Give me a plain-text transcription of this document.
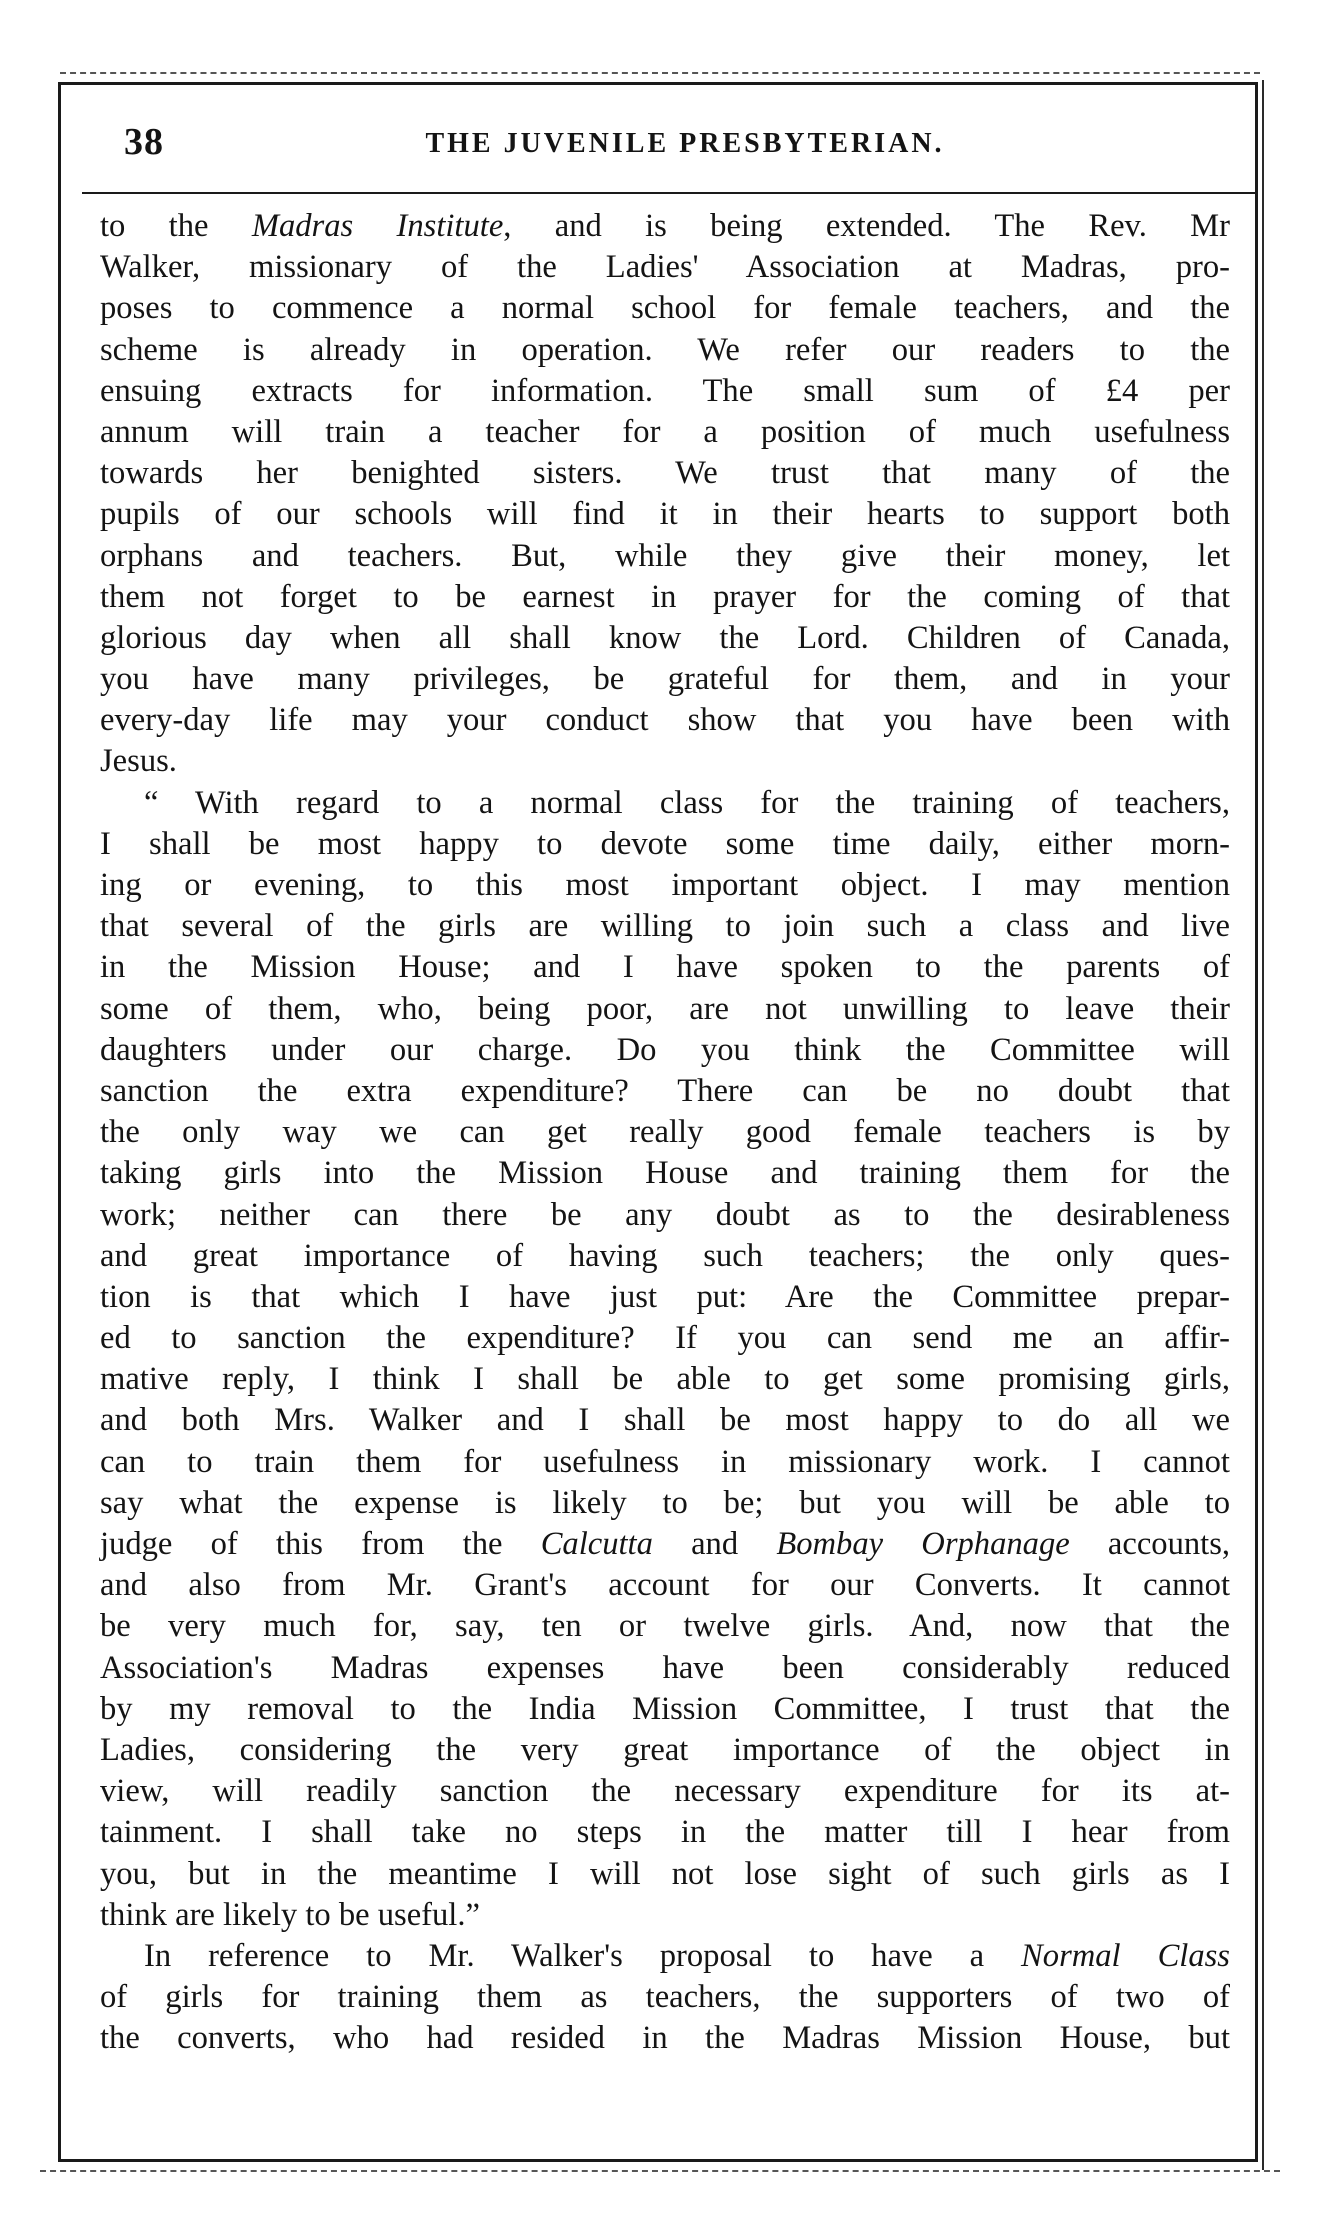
38	THE JUVENILE PRESBYTERIAN.
to the Madras Institute, and is being extended. The Rev. Mr
Walker, missionary of the Ladies' Association at Madras, pro-
poses to commence a normal school for female teachers, and the
scheme is already in operation. We refer our readers to the
ensuing extracts for information. The small sum of £4 per
annum will train a teacher for a position of much usefulness
towards her benighted sisters. We trust that many of the
pupils of our schools will find it in their hearts to support both
orphans and teachers. But, while they give their money, let
them not forget to be earnest in prayer for the coming of that
glorious day when all shall know the Lord. Children of Canada,
you have many privileges, be grateful for them, and in your
every-day life may your conduct show that you have been with
Jesus.
“ With regard to a normal class for the training of teachers,
I shall be most happy to devote some time daily, either morn-
ing or evening, to this most important object. I may mention
that several of the girls are willing to join such a class and live
in the Mission House; and I have spoken to the parents of
some of them, who, being poor, are not unwilling to leave their
daughters under our charge. Do you think the Committee will
sanction the extra expenditure? There can be no doubt that
the only way we can get really good female teachers is by
taking girls into the Mission House and training them for the
work; neither can there be any doubt as to the desirableness
and great importance of having such teachers; the only ques-
tion is that which I have just put: Are the Committee prepar-
ed to sanction the expenditure? If you can send me an affir-
mative reply, I think I shall be able to get some promising girls,
and both Mrs. Walker and I shall be most happy to do all we
can to train them for usefulness in missionary work. I cannot
say what the expense is likely to be; but you will be able to
judge of this from the Calcutta and Bombay Orphanage accounts,
and also from Mr. Grant's account for our Converts. It cannot
be very much for, say, ten or twelve girls. And, now that the
Association's Madras expenses have been considerably reduced
by my removal to the India Mission Committee, I trust that the
Ladies, considering the very great importance of the object in
view, will readily sanction the necessary expenditure for its at-
tainment. I shall take no steps in the matter till I hear from
you, but in the meantime I will not lose sight of such girls as I
think are likely to be useful.”
In reference to Mr. Walker's proposal to have a Normal Class
of girls for training them as teachers, the supporters of two of
the converts, who had resided in the Madras Mission House, but
